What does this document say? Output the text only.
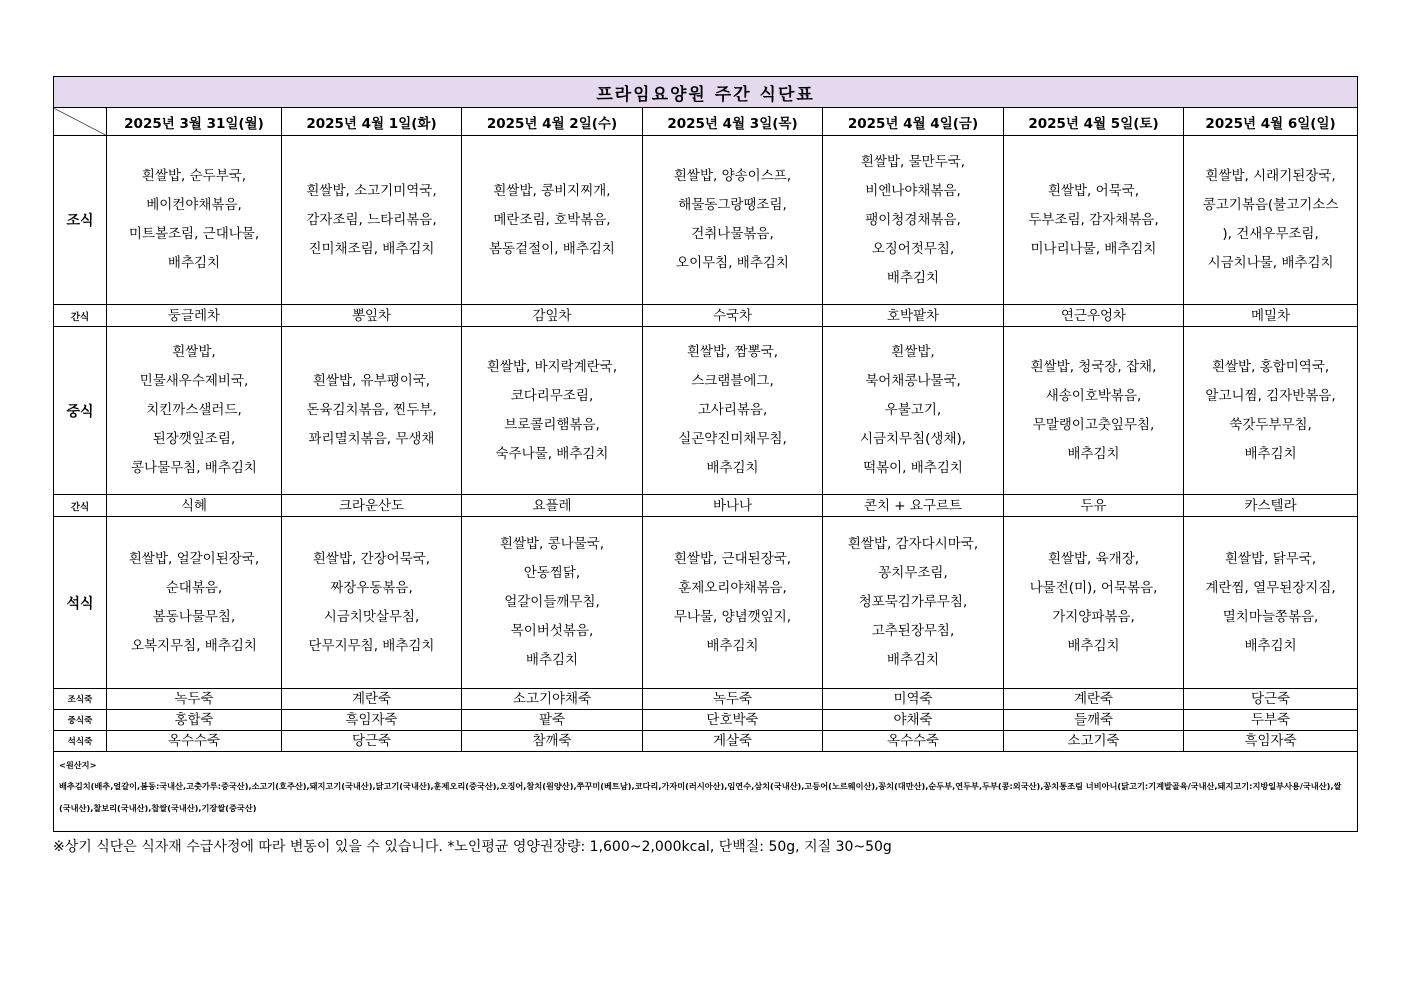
프라임요양원 주간 식단표							
	2025년 3월 31일(월)	2025년 4월 1일(화)	2025년 4월 2일(수)	2025년 4월 3일(목)	2025년 4월 4일(금)	2025년 4월 5일(토)	2025년 4월 6일(일)
조식	흰쌀밥, 순두부국,
베이컨야채볶음,
미트볼조림, 근대나물,
배추김치	흰쌀밥, 소고기미역국,
감자조림, 느타리볶음,
진미채조림, 배추김치	흰쌀밥, 콩비지찌개,
메란조림, 호박볶음,
봄동겉절이, 배추김치	흰쌀밥, 양송이스프,
해물동그랑땡조림,
건취나물볶음,
오이무침, 배추김치	흰쌀밥, 물만두국,
비엔나야채볶음,
팽이청경채볶음,
오징어젓무침,
배추김치	흰쌀밥, 어묵국,
두부조림, 감자채볶음,
미나리나물, 배추김치	흰쌀밥, 시래기된장국,
콩고기볶음(불고기소스
), 건새우무조림,
시금치나물, 배추김치
간식	둥글레차	뽕잎차	감잎차	수국차	호박팥차	연근우엉차	메밀차
중식	흰쌀밥,
민물새우수제비국,
치킨까스샐러드,
된장깻잎조림,
콩나물무침, 배추김치	흰쌀밥, 유부팽이국,
돈육김치볶음, 찐두부,
꽈리멸치볶음, 무생채	흰쌀밥, 바지락계란국,
코다리무조림,
브로콜리햄볶음,
숙주나물, 배추김치	흰쌀밥, 짬뽕국,
스크램블에그,
고사리볶음,
실곤약진미채무침,
배추김치	흰쌀밥,
북어채콩나물국,
우불고기,
시금치무침(생채),
떡볶이, 배추김치	흰쌀밥, 청국장, 잡채,
새송이호박볶음,
무말랭이고춧잎무침,
배추김치	흰쌀밥, 홍합미역국,
알고니찜, 김자반볶음,
쑥갓두부무침,
배추김치
간식	식혜	크라운산도	요플레	바나나	콘치 + 요구르트	두유	카스텔라
석식	흰쌀밥, 얼갈이된장국,
순대볶음,
봄동나물무침,
오복지무침, 배추김치	흰쌀밥, 간장어묵국,
짜장우동볶음,
시금치맛살무침,
단무지무침, 배추김치	흰쌀밥, 콩나물국,
안동찜닭,
얼갈이들깨무침,
목이버섯볶음,
배추김치	흰쌀밥, 근대된장국,
훈제오리야채볶음,
무나물, 양념깻잎지,
배추김치	흰쌀밥, 감자다시마국,
꽁치무조림,
청포묵김가루무침,
고추된장무침,
배추김치	흰쌀밥, 육개장,
나물전(미), 어묵볶음,
가지양파볶음,
배추김치	흰쌀밥, 닭무국,
계란찜, 열무된장지짐,
멸치마늘쫑볶음,
배추김치
조식죽	녹두죽	계란죽	소고기야채죽	녹두죽	미역죽	계란죽	당근죽
중식죽	홍합죽	흑임자죽	팥죽	단호박죽	야채죽	들깨죽	두부죽
석식죽	옥수수죽	당근죽	참깨죽	게살죽	옥수수죽	소고기죽	흑임자죽

<원산지>
배추김치(배추,얼갈이,봄동:국내산,고춧가루:중국산),소고기(호주산),돼지고기(국내산),닭고기(국내산),훈제오리(중국산),오징어,참치(원양산),쭈꾸미(베트남),코다리,가자미(러시아산),임연수,삼치(국내산),고등어(노르웨이산),꽁치(대만산),순두부,연두부,두부(콩:외국산),꽁치통조림 너비아니(닭고기:기계발골육/국내산,돼지고기:지방일부사용/국내산),쌀(국내산),찰보리(국내산),찹쌀(국내산),기장쌀(중국산)							
※상기 식단은 식자재 수급사정에 따라 변동이 있을 수 있습니다. *노인평균 영양권장량: 1,600~2,000kcal, 단백질: 50g, 지질 30~50g
